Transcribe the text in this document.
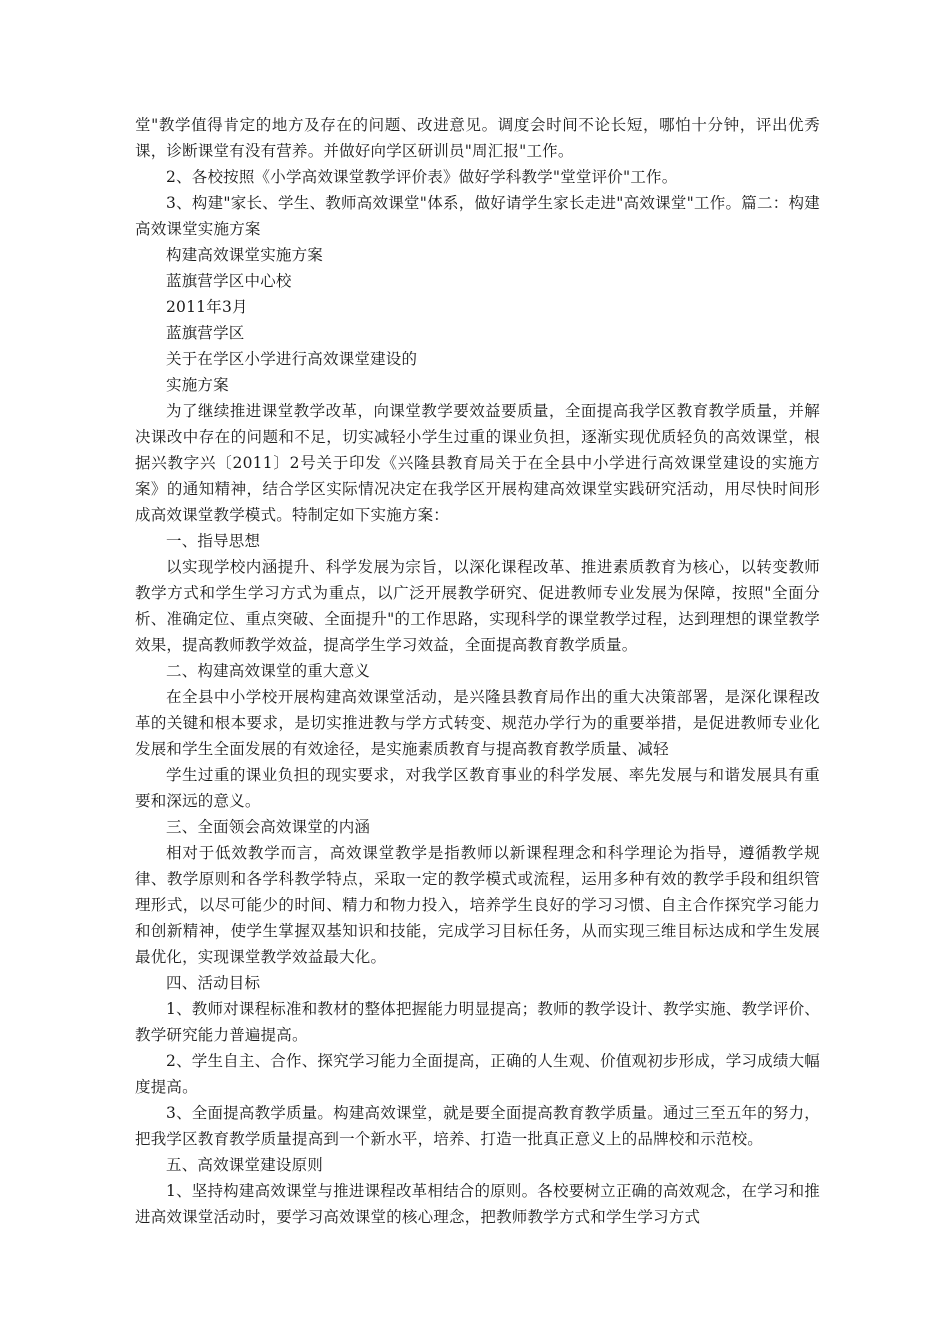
堂"教学值得肯定的地方及存在的问题、改进意见。调度会时间不论长短，哪怕十分钟，评出优秀课，诊断课堂有没有营养。并做好向学区研训员"周汇报"工作。

2、各校按照《小学高效课堂教学评价表》做好学科教学"堂堂评价"工作。

3、构建"家长、学生、教师高效课堂"体系，做好请学生家长走进"高效课堂"工作。篇二：构建高效课堂实施方案

构建高效课堂实施方案

蓝旗营学区中心校

2011年3月

蓝旗营学区

关于在学区小学进行高效课堂建设的

实施方案

为了继续推进课堂教学改革，向课堂教学要效益要质量，全面提高我学区教育教学质量，并解决课改中存在的问题和不足，切实减轻小学生过重的课业负担，逐渐实现优质轻负的高效课堂，根据兴教字兴〔2011〕2号关于印发《兴隆县教育局关于在全县中小学进行高效课堂建设的实施方案》的通知精神，结合学区实际情况决定在我学区开展构建高效课堂实践研究活动，用尽快时间形成高效课堂教学模式。特制定如下实施方案：

一、指导思想

以实现学校内涵提升、科学发展为宗旨，以深化课程改革、推进素质教育为核心，以转变教师教学方式和学生学习方式为重点，以广泛开展教学研究、促进教师专业发展为保障，按照"全面分析、准确定位、重点突破、全面提升"的工作思路，实现科学的课堂教学过程，达到理想的课堂教学效果，提高教师教学效益，提高学生学习效益，全面提高教育教学质量。

二、构建高效课堂的重大意义

在全县中小学校开展构建高效课堂活动，是兴隆县教育局作出的重大决策部署，是深化课程改革的关键和根本要求，是切实推进教与学方式转变、规范办学行为的重要举措，是促进教师专业化发展和学生全面发展的有效途径，是实施素质教育与提高教育教学质量、减轻

学生过重的课业负担的现实要求，对我学区教育事业的科学发展、率先发展与和谐发展具有重要和深远的意义。

三、全面领会高效课堂的内涵

相对于低效教学而言，高效课堂教学是指教师以新课程理念和科学理论为指导，遵循教学规律、教学原则和各学科教学特点，采取一定的教学模式或流程，运用多种有效的教学手段和组织管理形式，以尽可能少的时间、精力和物力投入，培养学生良好的学习习惯、自主合作探究学习能力和创新精神，使学生掌握双基知识和技能，完成学习目标任务，从而实现三维目标达成和学生发展最优化，实现课堂教学效益最大化。

四、活动目标

1、教师对课程标准和教材的整体把握能力明显提高；教师的教学设计、教学实施、教学评价、教学研究能力普遍提高。

2、学生自主、合作、探究学习能力全面提高，正确的人生观、价值观初步形成，学习成绩大幅度提高。

3、全面提高教学质量。构建高效课堂，就是要全面提高教育教学质量。通过三至五年的努力，把我学区教育教学质量提高到一个新水平，培养、打造一批真正意义上的品牌校和示范校。

五、高效课堂建设原则

1、坚持构建高效课堂与推进课程改革相结合的原则。各校要树立正确的高效观念，在学习和推进高效课堂活动时，要学习高效课堂的核心理念，把教师教学方式和学生学习方式
